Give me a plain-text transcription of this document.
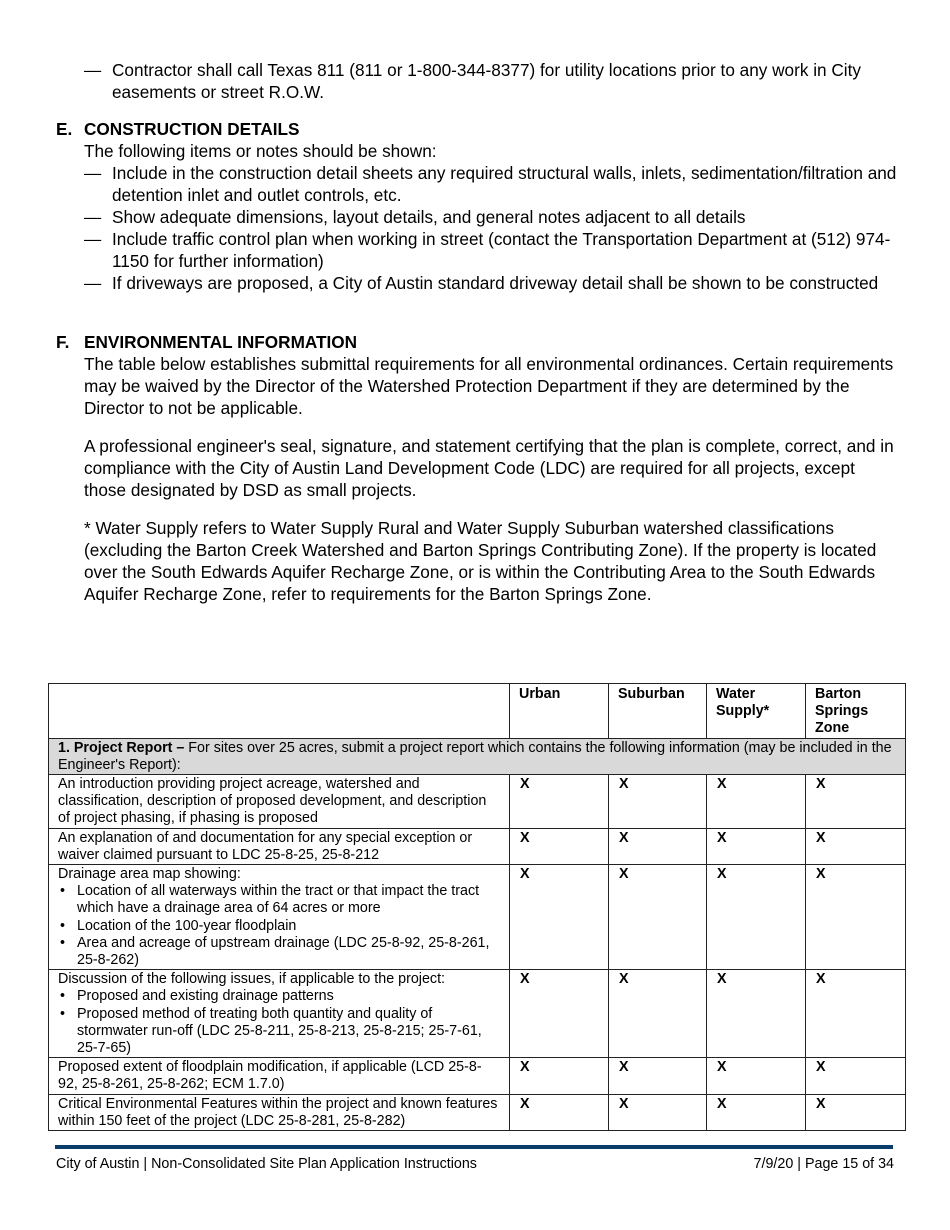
— Contractor shall call Texas 811 (811 or 1-800-344-8377) for utility locations prior to any work in City easements or street R.O.W.
E. CONSTRUCTION DETAILS

The following items or notes should be shown:

— Include in the construction detail sheets any required structural walls, inlets, sedimentation/filtration and detention inlet and outlet controls, etc.
— Show adequate dimensions, layout details, and general notes adjacent to all details
— Include traffic control plan when working in street (contact the Transportation Department at (512) 974-1150 for further information)
— If driveways are proposed, a City of Austin standard driveway detail shall be shown to be constructed
F. ENVIRONMENTAL INFORMATION

The table below establishes submittal requirements for all environmental ordinances. Certain requirements may be waived by the Director of the Watershed Protection Department if they are determined by the Director to not be applicable.

A professional engineer's seal, signature, and statement certifying that the plan is complete, correct, and in compliance with the City of Austin Land Development Code (LDC) are required for all projects, except those designated by DSD as small projects.

* Water Supply refers to Water Supply Rural and Water Supply Suburban watershed classifications (excluding the Barton Creek Watershed and Barton Springs Contributing Zone). If the property is located over the South Edwards Aquifer Recharge Zone, or is within the Contributing Area to the South Edwards Aquifer Recharge Zone, refer to requirements for the Barton Springs Zone.

	Urban	Suburban	Water Supply*	Barton Springs Zone
1. Project Report – For sites over 25 acres, submit a project report which contains the following information (may be included in the Engineer's Report):				
An introduction providing project acreage, watershed and classification, description of proposed development, and description of project phasing, if phasing is proposed	X	X	X	X
An explanation of and documentation for any special exception or waiver claimed pursuant to LDC 25-8-25, 25-8-212	X	X	X	X

Drainage area map showing:
• Location of all waterways within the tract or that impact the tract which have a drainage area of 64 acres or more
• Location of the 100-year floodplain
• Area and acreage of upstream drainage (LDC 25-8-92, 25-8-261, 25-8-262)
	X	X	X	X

Discussion of the following issues, if applicable to the project:
• Proposed and existing drainage patterns
• Proposed method of treating both quantity and quality of stormwater run-off (LDC 25-8-211, 25-8-213, 25-8-215; 25-7-61, 25-7-65)
	X	X	X	X
Proposed extent of floodplain modification, if applicable (LCD 25-8-92, 25-8-261, 25-8-262; ECM 1.7.0)	X	X	X	X
Critical Environmental Features within the project and known features within 150 feet of the project (LDC 25-8-281, 25-8-282)	X	X	X	X
City of Austin | Non-Consolidated Site Plan Application Instructions	7/9/20 | Page 15 of 34
